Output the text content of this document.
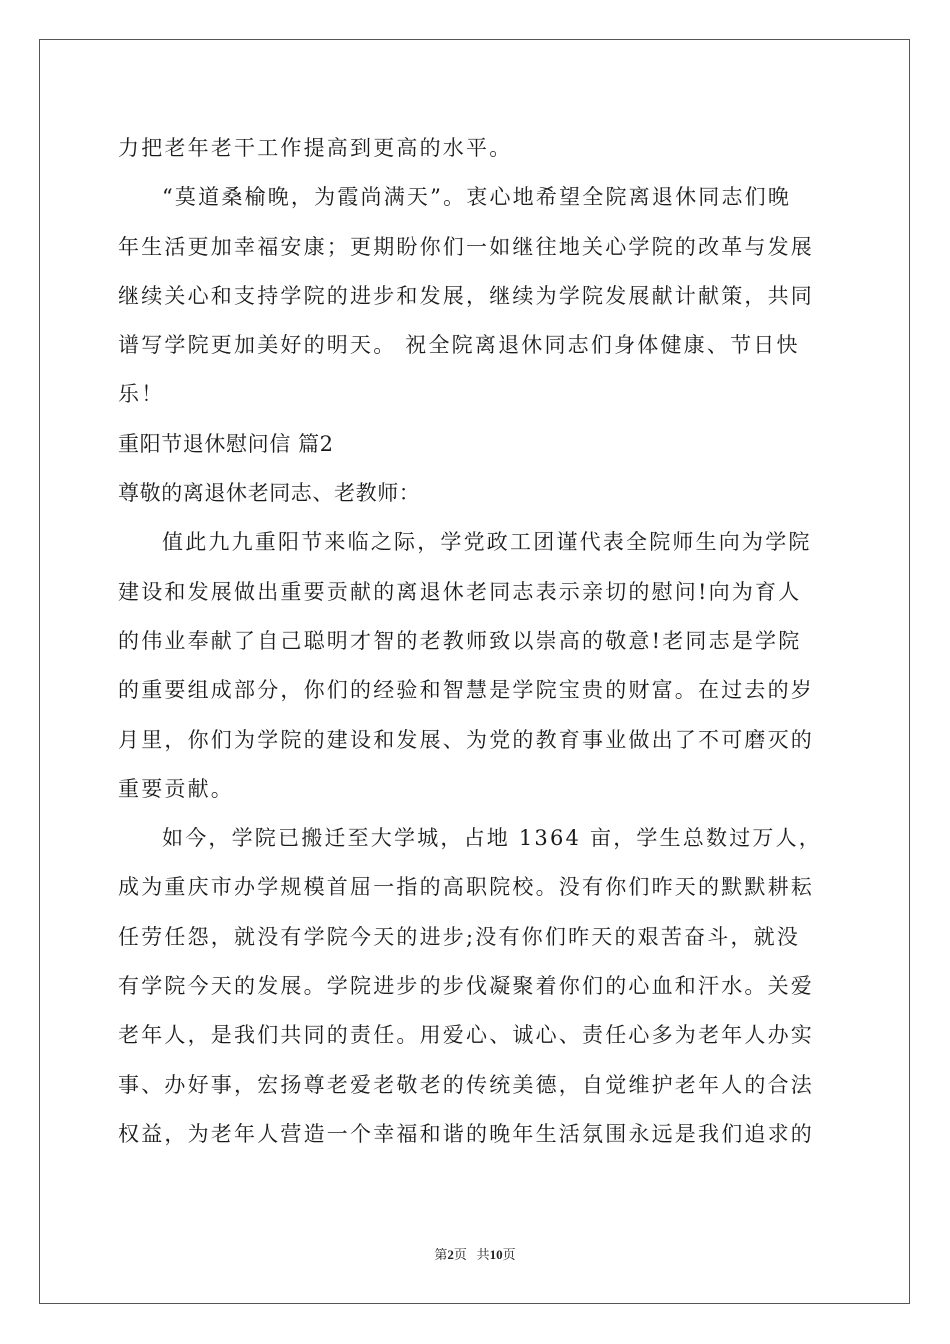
力把老年老干工作提高到更高的水平。
“莫道桑榆晚，为霞尚满天”。衷心地希望全院离退休同志们晚
年生活更加幸福安康；更期盼你们一如继往地关心学院的改革与发展
继续关心和支持学院的进步和发展，继续为学院发展献计献策，共同
谱写学院更加美好的明天。 祝全院离退休同志们身体健康、节日快
乐！
重阳节退休慰问信 篇2
尊敬的离退休老同志、老教师：
值此九九重阳节来临之际，学党政工团谨代表全院师生向为学院
建设和发展做出重要贡献的离退休老同志表示亲切的慰问!向为育人
的伟业奉献了自己聪明才智的老教师致以崇高的敬意!老同志是学院
的重要组成部分，你们的经验和智慧是学院宝贵的财富。在过去的岁
月里，你们为学院的建设和发展、为党的教育事业做出了不可磨灭的
重要贡献。
如今，学院已搬迁至大学城，占地 1364 亩，学生总数过万人，
成为重庆市办学规模首屈一指的高职院校。没有你们昨天的默默耕耘
任劳任怨，就没有学院今天的进步;没有你们昨天的艰苦奋斗，就没
有学院今天的发展。学院进步的步伐凝聚着你们的心血和汗水。关爱
老年人，是我们共同的责任。用爱心、诚心、责任心多为老年人办实
事、办好事，宏扬尊老爱老敬老的传统美德，自觉维护老年人的合法
权益，为老年人营造一个幸福和谐的晚年生活氛围永远是我们追求的
第2页 共10页
